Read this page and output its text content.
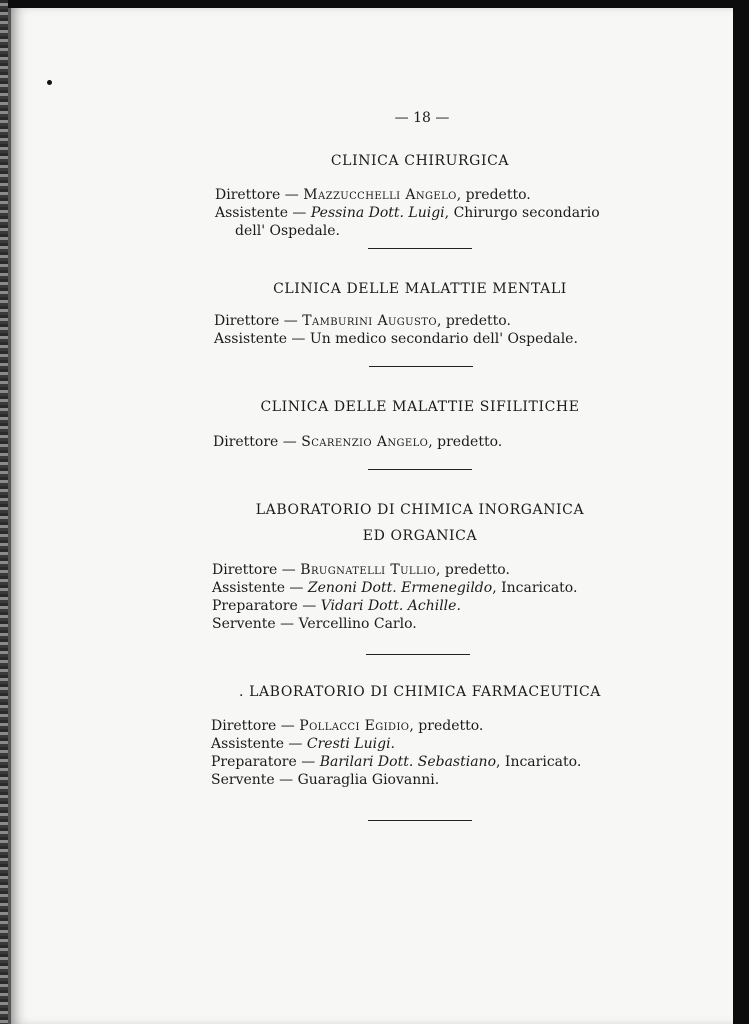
— 18 —
CLINICA CHIRURGICA
Direttore — Mazzucchelli Angelo, predetto.
Assistente — Pessina Dott. Luigi, Chirurgo secondario
dell' Ospedale.
CLINICA DELLE MALATTIE MENTALI
Direttore — Tamburini Augusto, predetto.
Assistente — Un medico secondario dell' Ospedale.
CLINICA DELLE MALATTIE SIFILITICHE
Direttore — Scarenzio Angelo, predetto.
LABORATORIO DI CHIMICA INORGANICA
ED ORGANICA
Direttore — Brugnatelli Tullio, predetto.
Assistente — Zenoni Dott. Ermenegildo, Incaricato.
Preparatore — Vidari Dott. Achille.
Servente — Vercellino Carlo.
. LABORATORIO DI CHIMICA FARMACEUTICA
Direttore — Pollacci Egidio, predetto.
Assistente — Cresti Luigi.
Preparatore — Barilari Dott. Sebastiano, Incaricato.
Servente — Guaraglia Giovanni.
